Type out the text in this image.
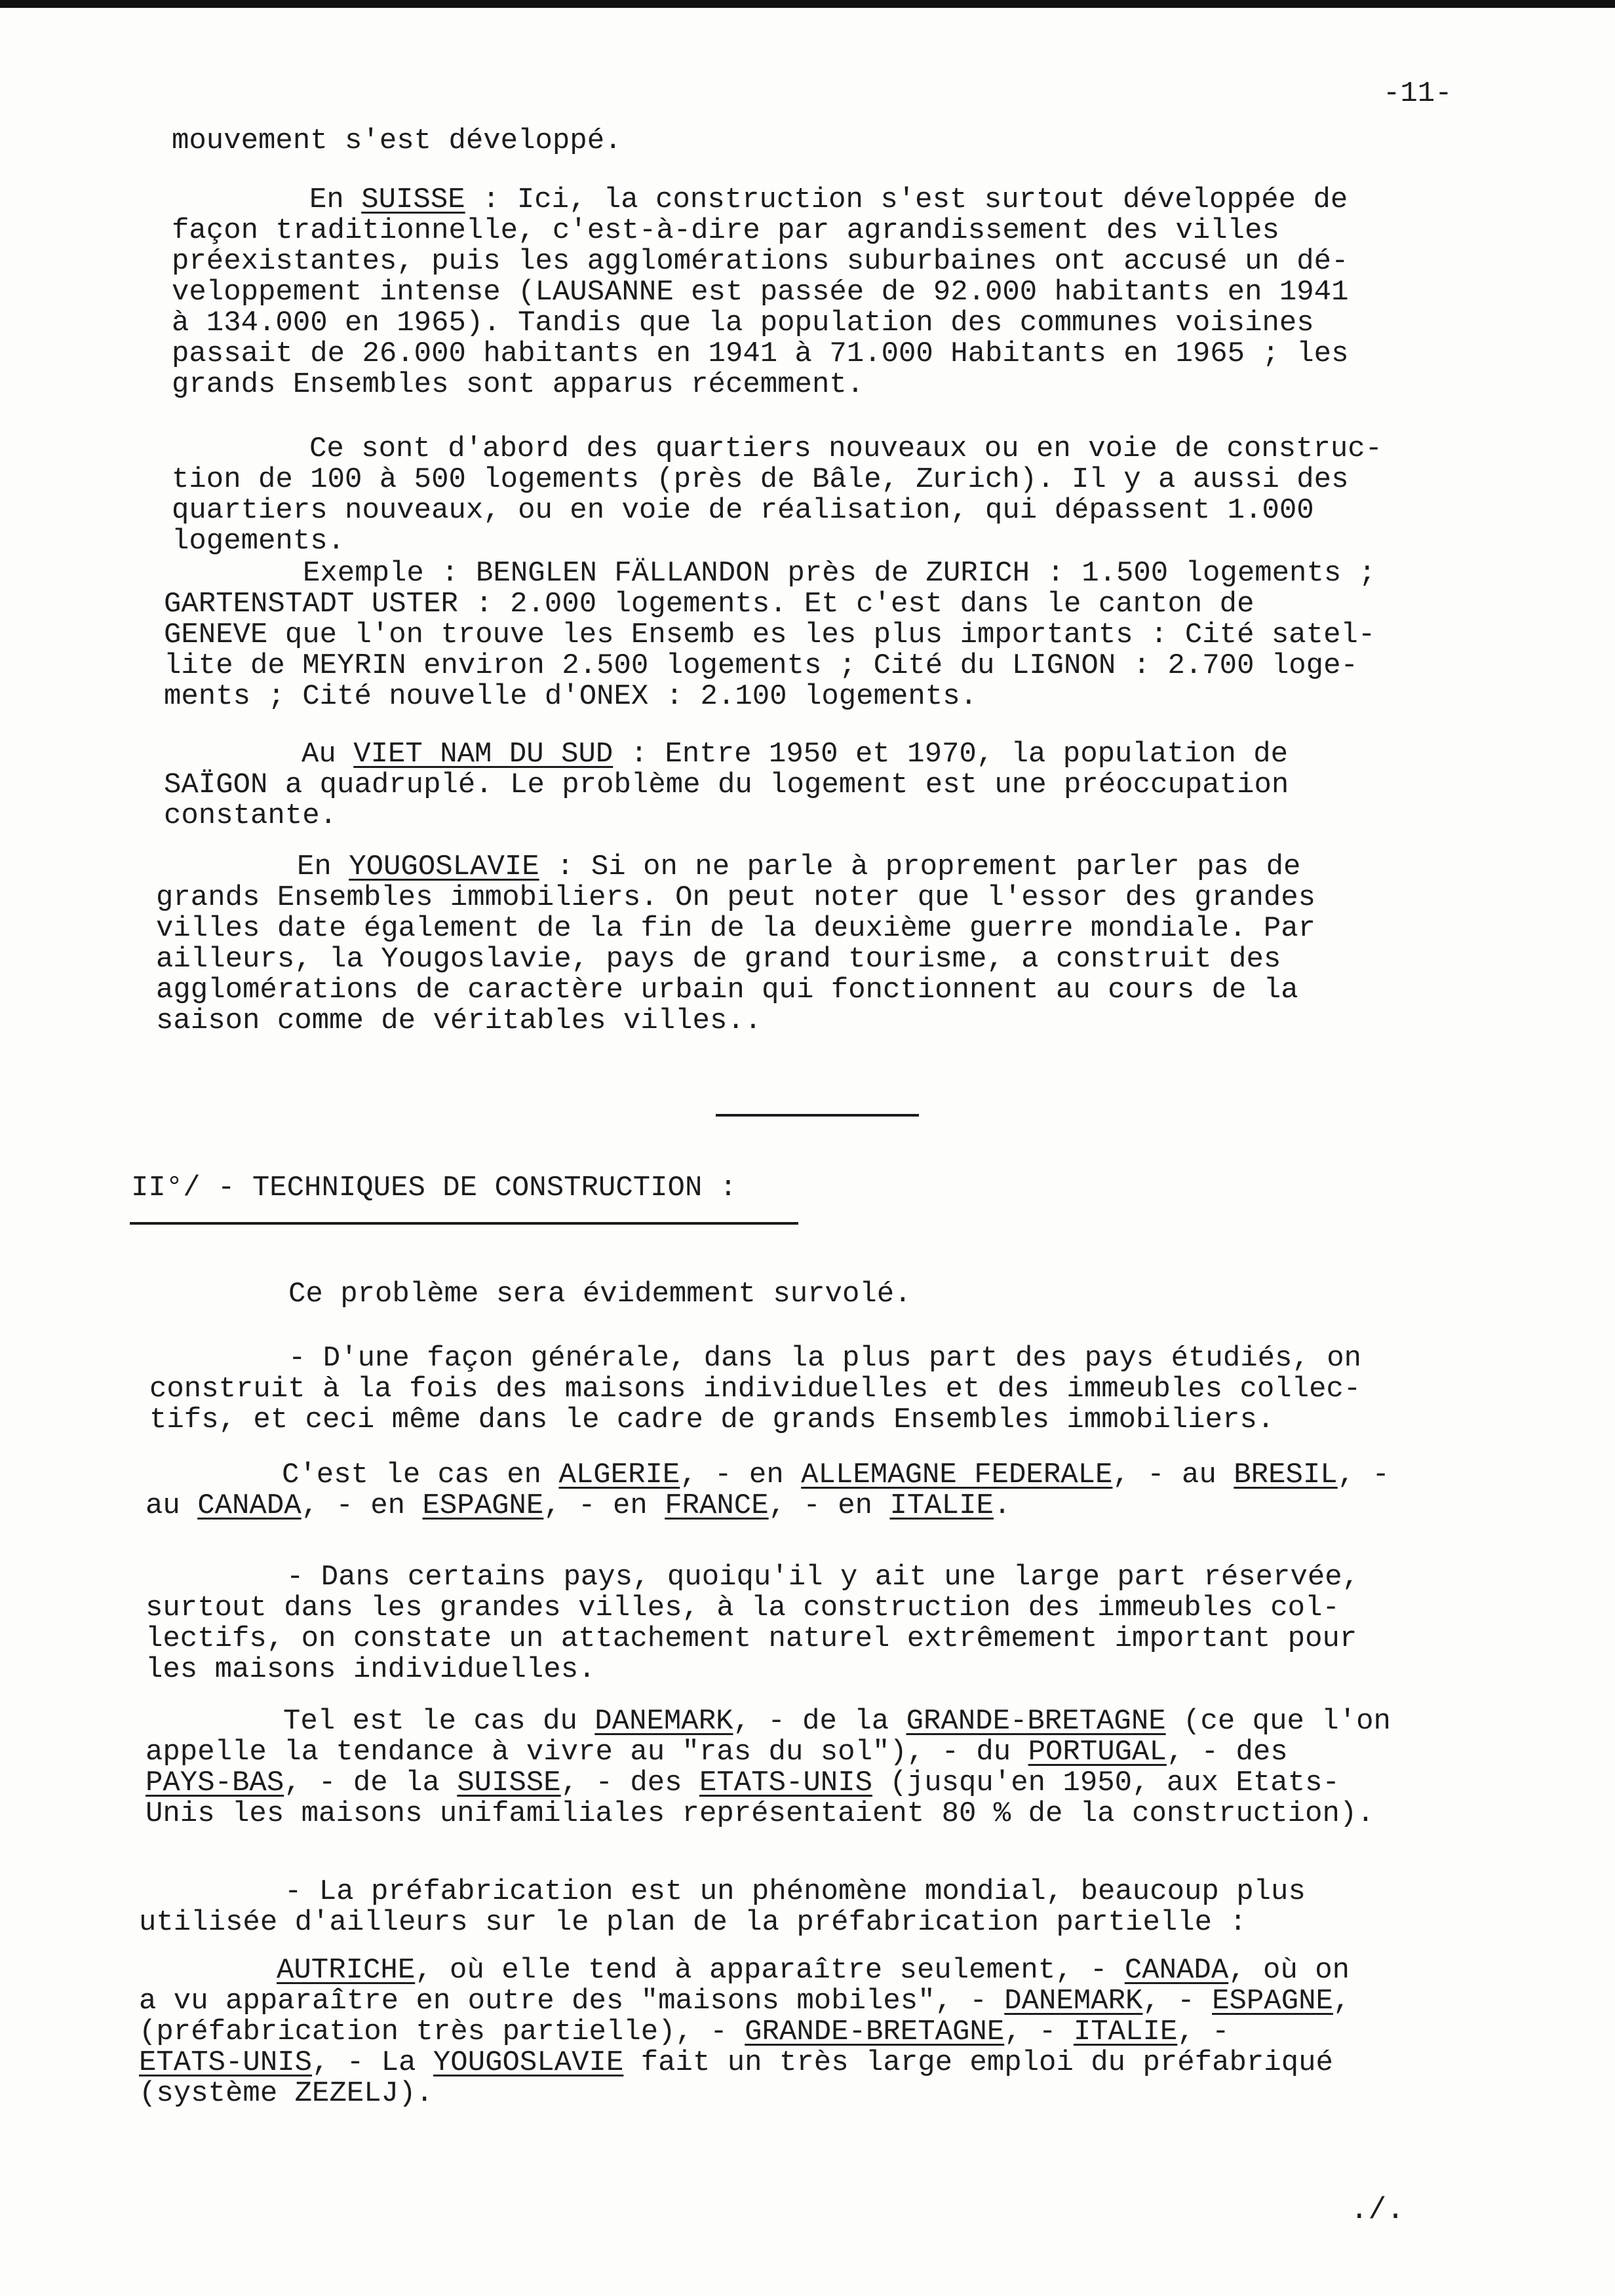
-11-

mouvement s'est développé.

En SUISSE : Ici, la construction s'est surtout développée de
façon traditionnelle, c'est-à-dire par agrandissement des villes
préexistantes, puis les agglomérations suburbaines ont accusé un dé-
veloppement intense (LAUSANNE est passée de 92.000 habitants en 1941
à 134.000 en 1965). Tandis que la population des communes voisines
passait de 26.000 habitants en 1941 à 71.000 Habitants en 1965 ; les
grands Ensembles sont apparus récemment.

Ce sont d'abord des quartiers nouveaux ou en voie de construc-
tion de 100 à 500 logements (près de Bâle, Zurich). Il y a aussi des
quartiers nouveaux, ou en voie de réalisation, qui dépassent 1.000
logements.

Exemple : BENGLEN FÄLLANDON près de ZURICH : 1.500 logements ;
GARTENSTADT USTER : 2.000 logements. Et c'est dans le canton de
GENEVE que l'on trouve les Ensemb es les plus importants : Cité satel-
lite de MEYRIN environ 2.500 logements ; Cité du LIGNON : 2.700 loge-
ments ; Cité nouvelle d'ONEX : 2.100 logements.

Au VIET NAM DU SUD : Entre 1950 et 1970, la population de
SAÏGON a quadruplé. Le problème du logement est une préoccupation
constante.

En YOUGOSLAVIE : Si on ne parle à proprement parler pas de
grands Ensembles immobiliers. On peut noter que l'essor des grandes
villes date également de la fin de la deuxième guerre mondiale. Par
ailleurs, la Yougoslavie, pays de grand tourisme, a construit des
agglomérations de caractère urbain qui fonctionnent au cours de la
saison comme de véritables villes..

II°/ - TECHNIQUES DE CONSTRUCTION :

Ce problème sera évidemment survolé.

- D'une façon générale, dans la plus part des pays étudiés, on
construit à la fois des maisons individuelles et des immeubles collec-
tifs, et ceci même dans le cadre de grands Ensembles immobiliers.

C'est le cas en ALGERIE, - en ALLEMAGNE FEDERALE, - au BRESIL, -
au CANADA, - en ESPAGNE, - en FRANCE, - en ITALIE.

- Dans certains pays, quoiqu'il y ait une large part réservée,
surtout dans les grandes villes, à la construction des immeubles col-
lectifs, on constate un attachement naturel extrêmement important pour
les maisons individuelles.

Tel est le cas du DANEMARK, - de la GRANDE-BRETAGNE (ce que l'on
appelle la tendance à vivre au "ras du sol"), - du PORTUGAL, - des
PAYS-BAS, - de la SUISSE, - des ETATS-UNIS (jusqu'en 1950, aux Etats-
Unis les maisons unifamiliales représentaient 80 % de la construction).

- La préfabrication est un phénomène mondial, beaucoup plus
utilisée d'ailleurs sur le plan de la préfabrication partielle :

AUTRICHE, où elle tend à apparaître seulement, - CANADA, où on
a vu apparaître en outre des "maisons mobiles", - DANEMARK, - ESPAGNE,
(préfabrication très partielle), - GRANDE-BRETAGNE, - ITALIE, -
ETATS-UNIS, - La YOUGOSLAVIE fait un très large emploi du préfabriqué
(système ZEZELJ).

./.
